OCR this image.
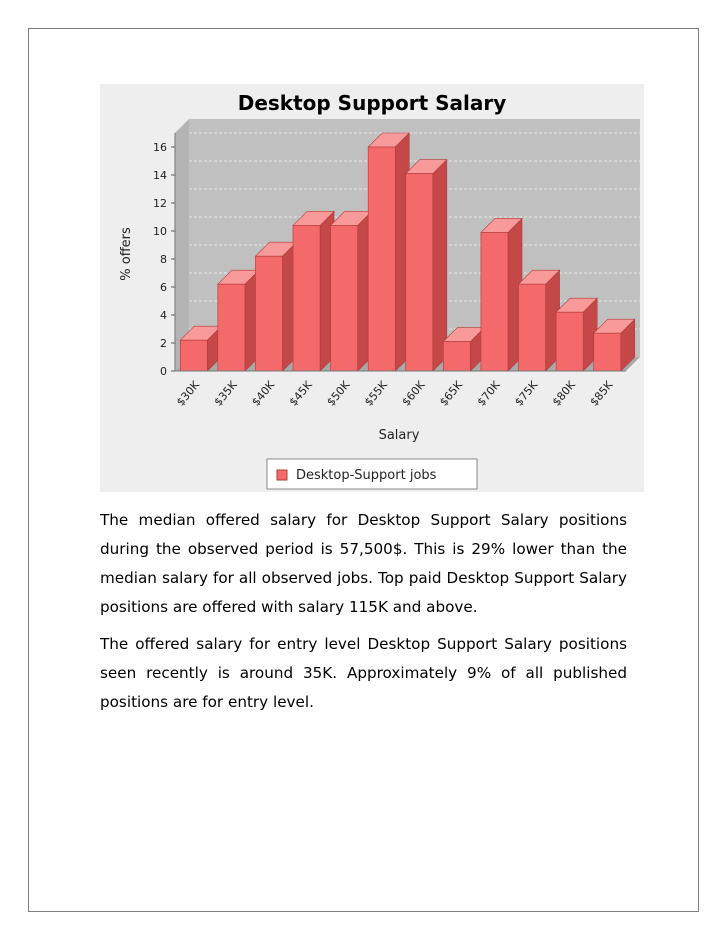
Desktop Support Salary
0
2
4
6
8
10
12
14
16
$30K $35K $40K $45K $50K $55K $60K $65K $70K $75K $80K $85K
% offers
Salary
Desktop-Support jobs

The median offered salary for Desktop Support Salary positions during the observed period is 57,500$. This is 29% lower than the median salary for all observed jobs. Top paid Desktop Support Salary positions are offered with salary 115K and above.

The offered salary for entry level Desktop Support Salary positions seen recently is around 35K. Approximately 9% of all published positions are for entry level.
